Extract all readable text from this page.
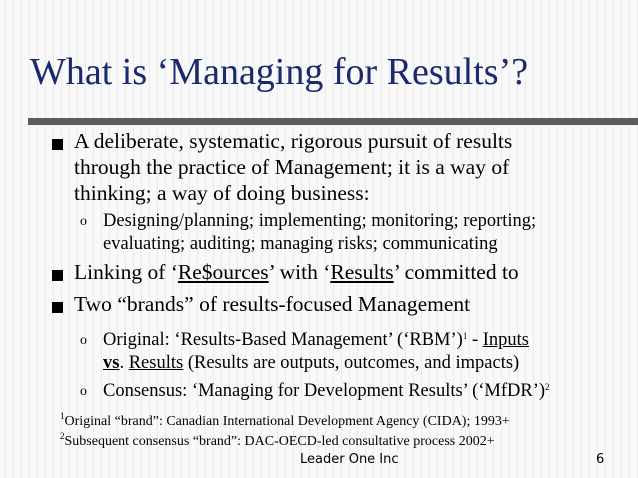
What is ‘Managing for Results’?
A deliberate, systematic, rigorous pursuit of results
through the practice of Management; it is a way of
thinking; a way of doing business:
o Designing/planning; implementing; monitoring; reporting;
evaluating; auditing; managing risks; communicating
Linking of ‘Re$ources’ with ‘Results’ committed to
Two “brands” of results-focused Management
o Original: ‘Results-Based Management’ (‘RBM’)$^1$ - Inputs
vs. Results (Results are outputs, outcomes, and impacts)
o Consensus: ‘Managing for Development Results’ (‘MfDR’)$^2$
$^1$Original “brand”: Canadian International Development Agency (CIDA); 1993+
$^2$Subsequent consensus “brand”: DAC-OECD-led consultative process 2002+
Leader One Inc	6
